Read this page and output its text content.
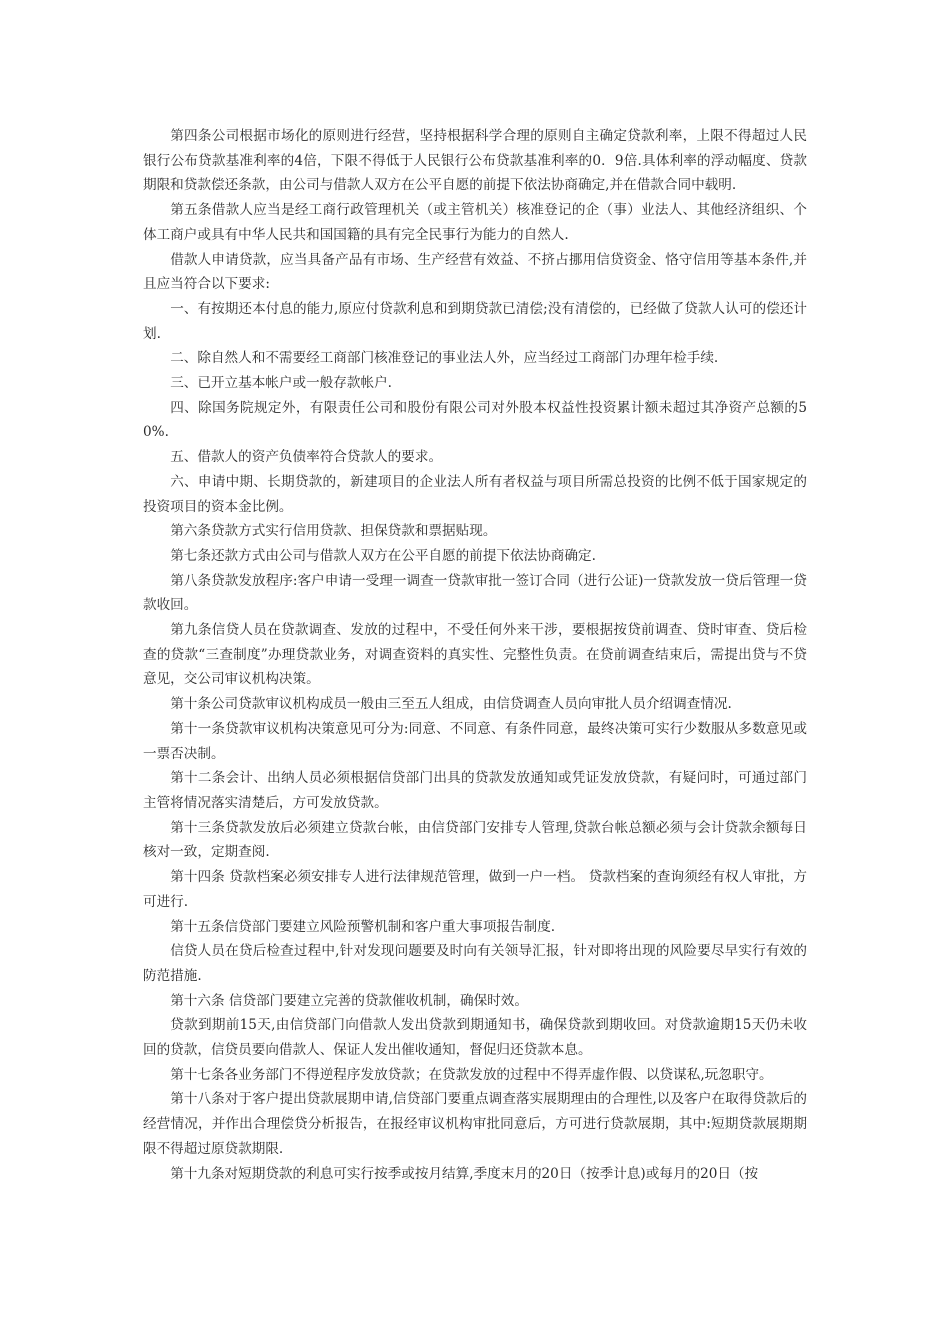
第四条公司根据市场化的原则进行经营，坚持根据科学合理的原则自主确定贷款利率，上限不得超过人民银行公布贷款基准利率的4倍，下限不得低于人民银行公布贷款基准利率的0．9倍.具体利率的浮动幅度、贷款期限和贷款偿还条款，由公司与借款人双方在公平自愿的前提下依法协商确定,并在借款合同中载明.

第五条借款人应当是经工商行政管理机关（或主管机关）核准登记的企（事）业法人、其他经济组织、个体工商户或具有中华人民共和国国籍的具有完全民事行为能力的自然人.

借款人申请贷款，应当具备产品有市场、生产经营有效益、不挤占挪用信贷资金、恪守信用等基本条件,并且应当符合以下要求:

一、有按期还本付息的能力,原应付贷款利息和到期贷款已清偿;没有清偿的，已经做了贷款人认可的偿还计划.

二、除自然人和不需要经工商部门核准登记的事业法人外，应当经过工商部门办理年检手续.

三、已开立基本帐户或一般存款帐户.

四、除国务院规定外，有限责任公司和股份有限公司对外股本权益性投资累计额未超过其净资产总额的50%.

五、借款人的资产负债率符合贷款人的要求。

六、申请中期、长期贷款的，新建项目的企业法人所有者权益与项目所需总投资的比例不低于国家规定的投资项目的资本金比例。

第六条贷款方式实行信用贷款、担保贷款和票据贴现。

第七条还款方式由公司与借款人双方在公平自愿的前提下依法协商确定.

第八条贷款发放程序:客户申请一受理一调查一贷款审批一签订合同（进行公证)一贷款发放一贷后管理一贷款收回。

第九条信贷人员在贷款调查、发放的过程中，不受任何外来干涉，要根据按贷前调查、贷时审查、贷后检查的贷款“三查制度”办理贷款业务，对调查资料的真实性、完整性负责。在贷前调查结束后，需提出贷与不贷意见，交公司审议机构决策。

第十条公司贷款审议机构成员一般由三至五人组成，由信贷调查人员向审批人员介绍调查情况.

第十一条贷款审议机构决策意见可分为:同意、不同意、有条件同意，最终决策可实行少数服从多数意见或一票否决制。

第十二条会计、出纳人员必须根据信贷部门出具的贷款发放通知或凭证发放贷款，有疑问时，可通过部门主管将情况落实清楚后，方可发放贷款。

第十三条贷款发放后必须建立贷款台帐，由信贷部门安排专人管理,贷款台帐总额必须与会计贷款余额每日核对一致，定期查阅.

第十四条 贷款档案必须安排专人进行法律规范管理，做到一户一档。 贷款档案的查询须经有权人审批，方可进行.

第十五条信贷部门要建立风险预警机制和客户重大事项报告制度.

信贷人员在贷后检查过程中,针对发现问题要及时向有关领导汇报，针对即将出现的风险要尽早实行有效的防范措施.

第十六条 信贷部门要建立完善的贷款催收机制，确保时效。

贷款到期前15天,由信贷部门向借款人发出贷款到期通知书，确保贷款到期收回。对贷款逾期15天仍未收回的贷款，信贷员要向借款人、保证人发出催收通知，督促归还贷款本息。

第十七条各业务部门不得逆程序发放贷款；在贷款发放的过程中不得弄虚作假、以贷谋私,玩忽职守。

第十八条对于客户提出贷款展期申请,信贷部门要重点调查落实展期理由的合理性,以及客户在取得贷款后的经营情况，并作出合理偿贷分析报告，在报经审议机构审批同意后，方可进行贷款展期，其中:短期贷款展期期限不得超过原贷款期限.

第十九条对短期贷款的利息可实行按季或按月结算,季度末月的20日（按季计息)或每月的20日（按
